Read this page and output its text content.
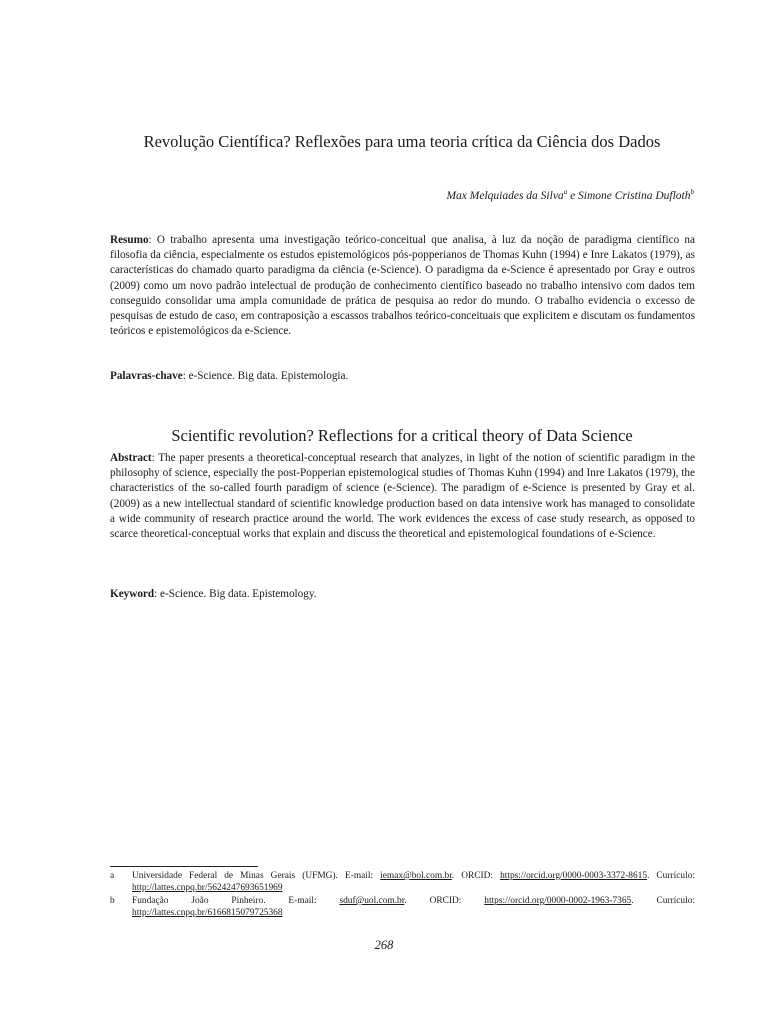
Revolução Científica? Reflexões para uma teoria crítica da Ciência dos Dados
Max Melquiades da Silva$^a$ e Simone Cristina Dufloth$^b$

Resumo: O trabalho apresenta uma investigação teórico-conceitual que analisa, à luz da noção de paradigma científico na filosofia da ciência, especialmente os estudos epistemológicos pós-popperianos de Thomas Kuhn (1994) e Inre Lakatos (1979), as características do chamado quarto paradigma da ciência (e-Science). O paradigma da e-Science é apresentado por Gray e outros (2009) como um novo padrão intelectual de produção de conhecimento científico baseado no trabalho intensivo com dados tem conseguido consolidar uma ampla comunidade de prática de pesquisa ao redor do mundo. O trabalho evidencia o excesso de pesquisas de estudo de caso, em contraposição a escassos trabalhos teórico-conceituais que explicitem e discutam os fundamentos teóricos e epistemológicos da e-Science.

Palavras-chave: e-Science. Big data. Epistemologia.

Scientific revolution? Reflections for a critical theory of Data Science

Abstract: The paper presents a theoretical-conceptual research that analyzes, in light of the notion of scientific paradigm in the philosophy of science, especially the post-Popperian epistemological studies of Thomas Kuhn (1994) and Inre Lakatos (1979), the characteristics of the so-called fourth paradigm of science (e-Science). The paradigm of e-Science is presented by Gray et al. (2009) as a new intellectual standard of scientific knowledge production based on data intensive work has managed to consolidate a wide community of research practice around the world. The work evidences the excess of case study research, as opposed to scarce theoretical-conceptual works that explain and discuss the theoretical and epistemological foundations of e-Science.

Keyword: e-Science. Big data. Epistemology.

a	Universidade Federal de Minas Gerais (UFMG). E-mail: iemax@bol.com.br. ORCID: https://orcid.org/0000-0003-3372-8615. Currículo: http://lattes.cnpq.br/5624247693651969
b	Fundação João Pinheiro. E-mail: sduf@uol.com.br. ORCID: https://orcid.org/0000-0002-1963-7365. Currículo: http://lattes.cnpq.br/6166815079725368
268
